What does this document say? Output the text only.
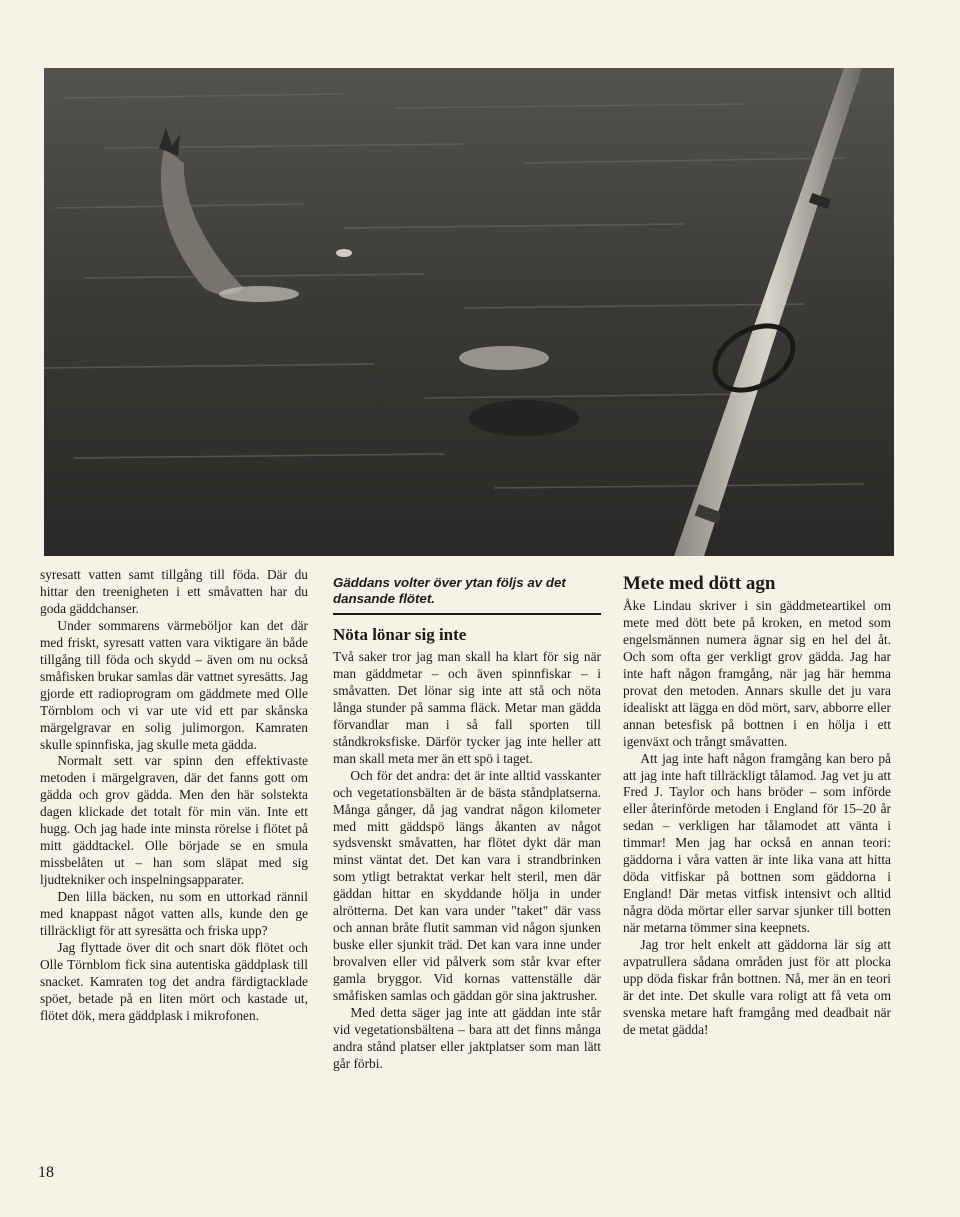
syresatt vatten samt tillgång till föda. Där du hittar den treenigheten i ett småvatten har du goda gäddchanser.

Under sommarens värmeböljor kan det där med friskt, syresatt vatten vara viktigare än både tillgång till föda och skydd – även om nu också småfisken brukar samlas där vattnet syresätts. Jag gjorde ett radioprogram om gäddmete med Olle Törnblom och vi var ute vid ett par skånska märgelgravar en solig julimorgon. Kamraten skulle spinnfiska, jag skulle meta gädda.

Normalt sett var spinn den effektivaste metoden i märgelgraven, där det fanns gott om gädda och grov gädda. Men den här solstekta dagen klickade det totalt för min vän. Inte ett hugg. Och jag hade inte minsta rörelse i flötet på mitt gäddtackel. Olle började se en smula missbelåten ut – han som släpat med sig ljudtekniker och inspelningsapparater.

Den lilla bäcken, nu som en uttorkad rännil med knappast något vatten alls, kunde den ge tillräckligt för att syresätta och friska upp?

Jag flyttade över dit och snart dök flötet och Olle Törnblom fick sina autentiska gäddplask till snacket. Kamraten tog det andra färdigtacklade spöet, betade på en liten mört och kastade ut, flötet dök, mera gäddplask i mikrofonen.

Gäddans volter över ytan följs av det dansande flötet.
Nöta lönar sig inte

Två saker tror jag man skall ha klart för sig när man gäddmetar – och även spinnfiskar – i småvatten. Det lönar sig inte att stå och nöta långa stunder på samma fläck. Metar man gädda förvandlar man i så fall sporten till ståndkroksfiske. Därför tycker jag inte heller att man skall meta mer än ett spö i taget.

Och för det andra: det är inte alltid vasskanter och vegetationsbälten är de bästa ståndplatserna. Många gånger, då jag vandrat någon kilometer med mitt gäddspö längs åkanten av något sydsvenskt småvatten, har flötet dykt där man minst väntat det. Det kan vara i strandbrinken som ytligt betraktat verkar helt steril, men där gäddan hittar en skyddande hölja in under alrötterna. Det kan vara under "taket" där vass och annan bråte flutit samman vid någon sjunken buske eller sjunkit träd. Det kan vara inne under brovalven eller vid pålverk som står kvar efter gamla bryggor. Vid kornas vattenställe där småfisken samlas och gäddan gör sina jaktrusher.

Med detta säger jag inte att gäddan inte står vid vegetationsbältena – bara att det finns många andra stånd platser eller jaktplatser som man lätt går förbi.

Mete med dött agn

Åke Lindau skriver i sin gäddmeteartikel om mete med dött bete på kroken, en metod som engelsmännen numera ägnar sig en hel del åt. Och som ofta ger verkligt grov gädda. Jag har inte haft någon framgång, när jag här hemma provat den metoden. Annars skulle det ju vara idealiskt att lägga en död mört, sarv, abborre eller annan betesfisk på bottnen i en hölja i ett igenväxt och trångt småvatten.

Att jag inte haft någon framgång kan bero på att jag inte haft tillräckligt tålamod. Jag vet ju att Fred J. Taylor och hans bröder – som införde eller återinförde metoden i England för 15–20 år sedan – verkligen har tålamodet att vänta i timmar! Men jag har också en annan teori: gäddorna i våra vatten är inte lika vana att hitta döda vitfiskar på bottnen som gäddorna i England! Där metas vitfisk intensivt och alltid några döda mörtar eller sarvar sjunker till botten när metarna tömmer sina keepnets.

Jag tror helt enkelt att gäddorna lär sig att avpatrullera sådana områden just för att plocka upp döda fiskar från bottnen. Nå, mer än en teori är det inte. Det skulle vara roligt att få veta om svenska metare haft framgång med deadbait när de metat gädda!

18
